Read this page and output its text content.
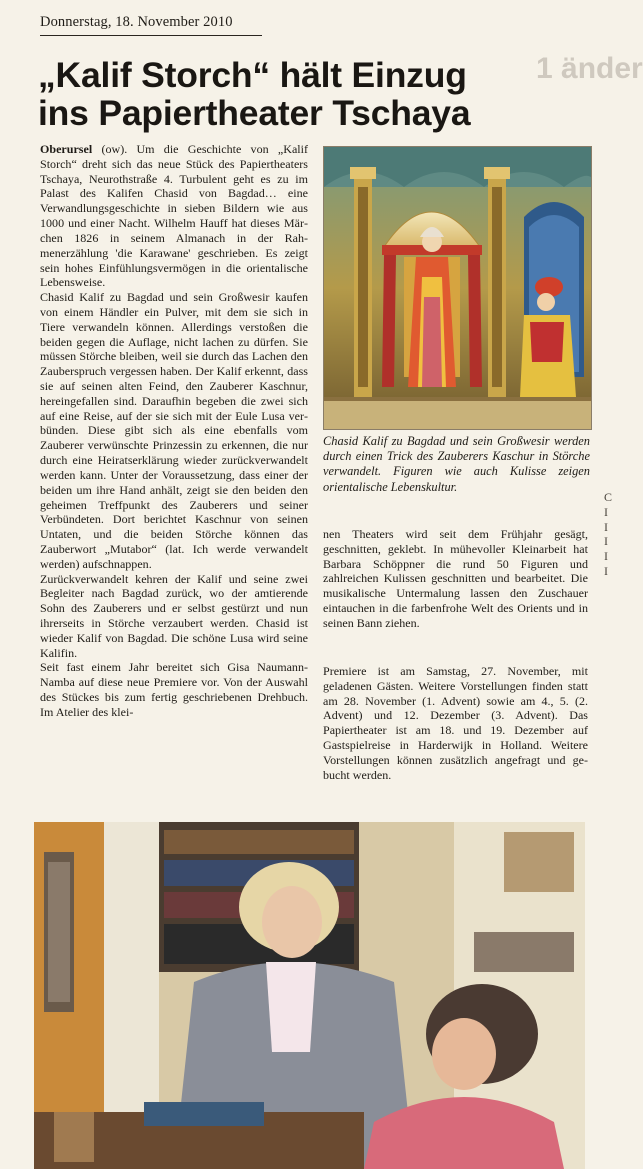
Donnerstag, 18. November 2010
1 änder
„Kalif Storch“ hält Einzug
ins Papiertheater Tschaya

Oberursel (ow). Um die Geschichte von „Kalif Storch“ dreht sich das neue Stück des Papiertheaters Tschaya, Neurothstraße 4. Turbulent geht es zu im Palast des Kalifen Chasid von Bagdad… eine Verwandlungsgeschichte in sieben Bildern wie aus 1000 und einer Nacht. Wilhelm Hauff hat dieses Märchen 1826 in seinem Almanach in der Rahmenerzählung 'die Karawane' geschrieben. Es zeigt sein hohes Einfühlungsvermögen in die orientalische Lebensweise.

Chasid Kalif zu Bagdad und sein Großwesir kaufen von einem Händler ein Pulver, mit dem sie sich in Tiere verwandeln können. Allerdings verstoßen die beiden gegen die Auflage, nicht lachen zu dürfen. Sie müssen Störche bleiben, weil sie durch das Lachen den Zauberspruch vergessen haben. Der Kalif erkennt, dass sie auf seinen alten Feind, den Zauberer Kaschnur, hereingefallen sind. Daraufhin begeben die zwei sich auf eine Reise, auf der sie sich mit der Eule Lusa verbünden. Diese gibt sich als eine ebenfalls vom Zauberer verwünschte Prinzessin zu erkennen, die nur durch eine Heiratserklärung wieder zurückverwandelt werden kann. Unter der Voraussetzung, dass einer der beiden um ihre Hand anhält, zeigt sie den beiden den geheimen Treffpunkt des Zauberers und seiner Verbündeten. Dort berichtet Kaschnur von seinen Untaten, und die beiden Störche können das Zauberwort „Mutabor“ (lat. Ich werde verwandelt werden) aufschnappen.

Zurückverwandelt kehren der Kalif und seine zwei Begleiter nach Bagdad zurück, wo der amtierende Sohn des Zauberers und er selbst gestürzt und nun ihrerseits in Störche verzaubert werden. Chasid ist wieder Kalif von Bagdad. Die schöne Lusa wird seine Kalifin.

Seit fast einem Jahr bereitet sich Gisa Naumann-Namba auf diese neue Premiere vor. Von der Auswahl des Stückes bis zum fertig geschriebenen Drehbuch. Im Atelier des klei-

Chasid Kalif zu Bagdad und sein Großwesir werden durch einen Trick des Zauberers Kaschur in Störche verwandelt. Figuren wie auch Kulisse zeigen orientalische Lebenskultur.

nen Theaters wird seit dem Frühjahr gesägt, geschnitten, geklebt. In mühevoller Kleinarbeit hat Barbara Schöppner die rund 50 Figuren und zahlreichen Kulissen geschnitten und bearbeitet. Die musikalische Untermalung lassen den Zuschauer eintauchen in die farbenfrohe Welt des Orients und in seinen Bann ziehen.

Premiere ist am Samstag, 27. November, mit geladenen Gästen. Weitere Vorstellungen finden statt am 28. November (1. Advent) sowie am 4., 5. (2. Advent) und 12. Dezember (3. Advent). Das Papiertheater ist am 18. und 19. Dezember auf Gastspielreise in Harderwijk in Holland. Weitere Vorstellungen können zusätzlich angefragt und gebucht werden.

C
I
I
I
I
I
